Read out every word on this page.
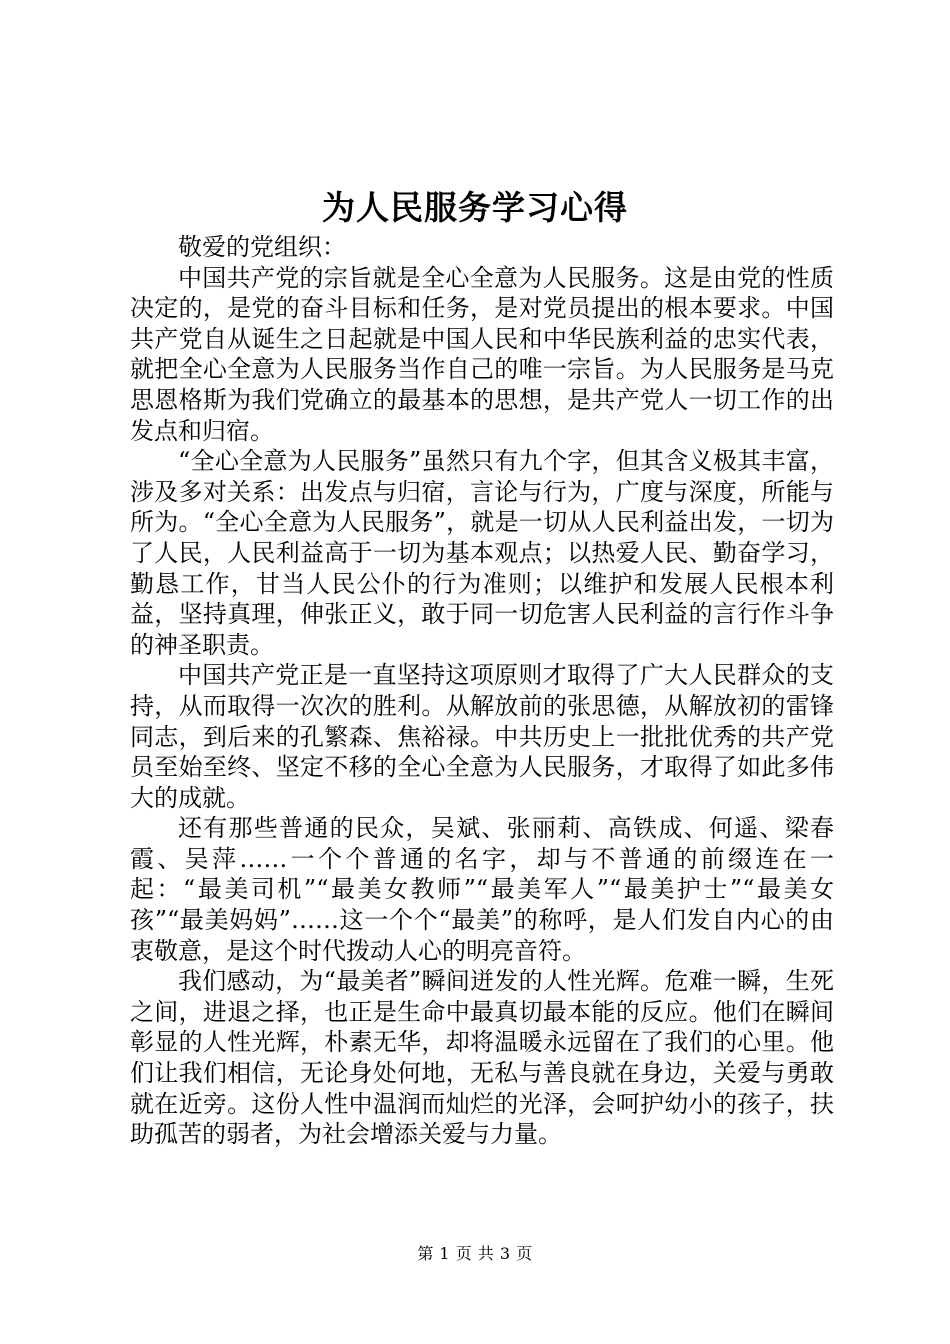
为人民服务学习心得

敬爱的党组织：

中国共产党的宗旨就是全心全意为人民服务。这是由党的性质决定的，是党的奋斗目标和任务，是对党员提出的根本要求。中国共产党自从诞生之日起就是中国人民和中华民族利益的忠实代表，就把全心全意为人民服务当作自己的唯一宗旨。为人民服务是马克思恩格斯为我们党确立的最基本的思想，是共产党人一切工作的出发点和归宿。

“全心全意为人民服务”虽然只有九个字，但其含义极其丰富，涉及多对关系：出发点与归宿，言论与行为，广度与深度，所能与所为。“全心全意为人民服务”，就是一切从人民利益出发，一切为了人民，人民利益高于一切为基本观点；以热爱人民、勤奋学习，勤恳工作，甘当人民公仆的行为准则；以维护和发展人民根本利益，坚持真理，伸张正义，敢于同一切危害人民利益的言行作斗争的神圣职责。

中国共产党正是一直坚持这项原则才取得了广大人民群众的支持，从而取得一次次的胜利。从解放前的张思德，从解放初的雷锋同志，到后来的孔繁森、焦裕禄。中共历史上一批批优秀的共产党员至始至终、坚定不移的全心全意为人民服务，才取得了如此多伟大的成就。

还有那些普通的民众，吴斌、张丽莉、高铁成、何遥、梁春霞、吴萍……一个个普通的名字，却与不普通的前缀连在一起：“最美司机”“最美女教师”“最美军人”“最美护士”“最美女孩”“最美妈妈”……这一个个“最美”的称呼，是人们发自内心的由衷敬意，是这个时代拨动人心的明亮音符。

我们感动，为“最美者”瞬间迸发的人性光辉。危难一瞬，生死之间，进退之择，也正是生命中最真切最本能的反应。他们在瞬间彰显的人性光辉，朴素无华，却将温暖永远留在了我们的心里。他们让我们相信，无论身处何地，无私与善良就在身边，关爱与勇敢就在近旁。这份人性中温润而灿烂的光泽，会呵护幼小的孩子，扶助孤苦的弱者，为社会增添关爱与力量。

第 1 页 共 3 页
